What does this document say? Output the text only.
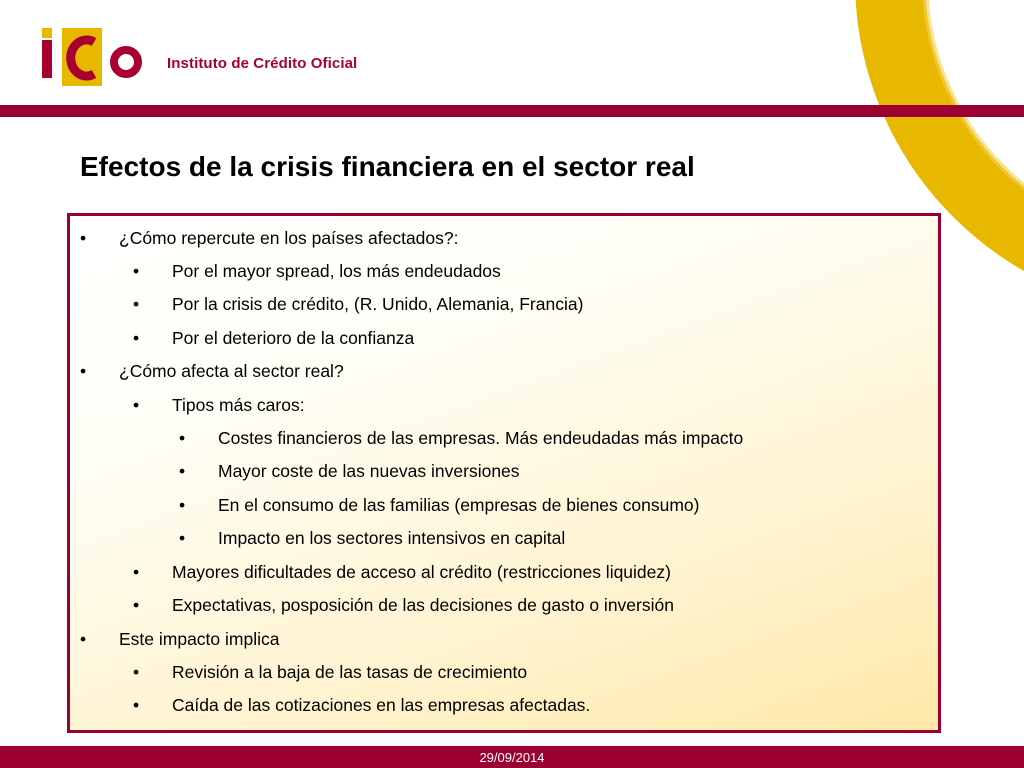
Instituto de Crédito Oficial
Efectos de la crisis financiera en el sector real
• ¿Cómo repercute en los países afectados?:
• Por el mayor spread, los más endeudados
• Por la crisis de crédito, (R. Unido, Alemania, Francia)
• Por el deterioro de la confianza
• ¿Cómo afecta al sector real?
• Tipos más caros:
• Costes financieros de las empresas. Más endeudadas más impacto
• Mayor coste de las nuevas inversiones
• En el consumo de las familias (empresas de bienes consumo)
• Impacto en los sectores intensivos en capital
• Mayores dificultades de acceso al crédito (restricciones liquidez)
• Expectativas, posposición de las decisiones de gasto o inversión
• Este impacto implica
• Revisión a la baja de las tasas de crecimiento
• Caída de las cotizaciones en las empresas afectadas.
29/09/2014
